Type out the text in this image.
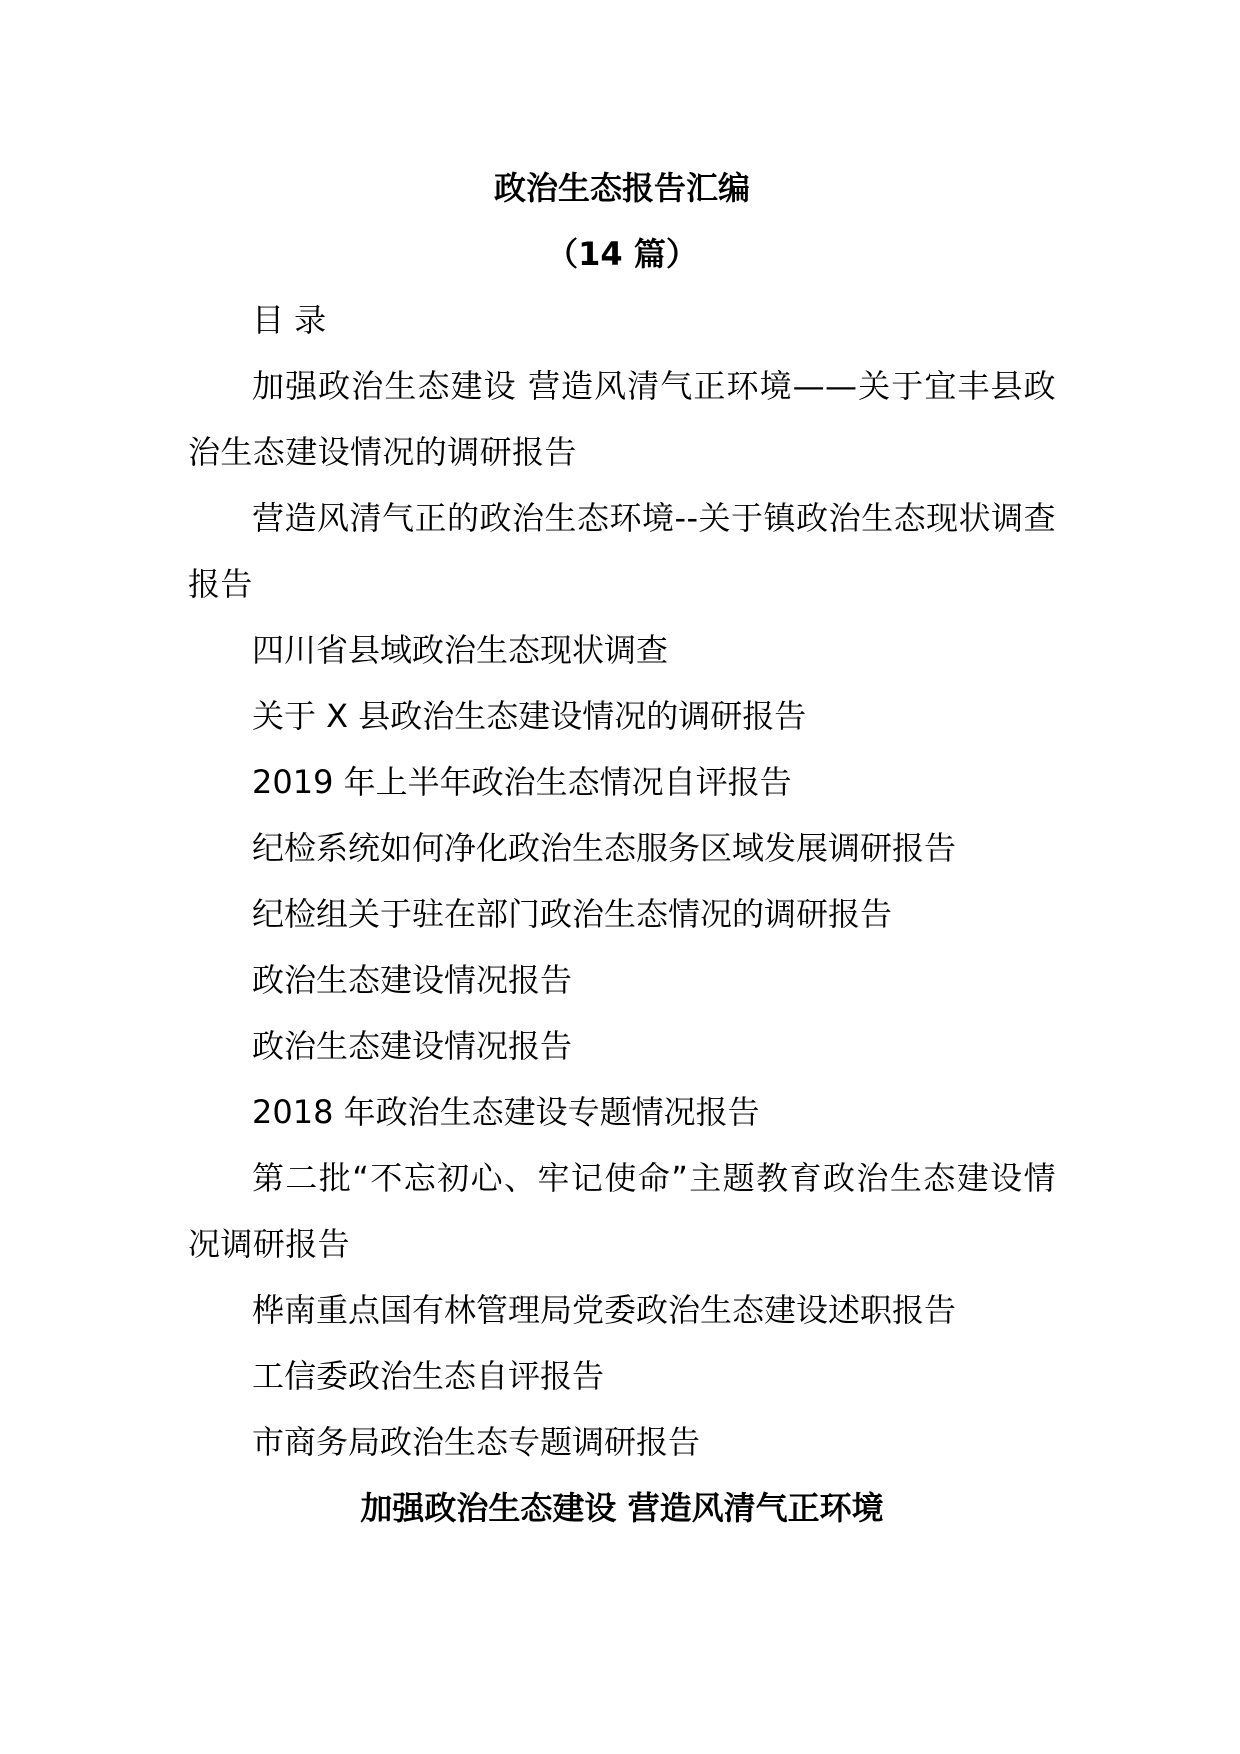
政治生态报告汇编

（14 篇）

目 录

加强政治生态建设 营造风清气正环境——关于宜丰县政治生态建设情况的调研报告

营造风清气正的政治生态环境--关于镇政治生态现状调查报告

四川省县域政治生态现状调查

关于 X 县政治生态建设情况的调研报告

2019 年上半年政治生态情况自评报告

纪检系统如何净化政治生态服务区域发展调研报告

纪检组关于驻在部门政治生态情况的调研报告

政治生态建设情况报告

政治生态建设情况报告

2018 年政治生态建设专题情况报告

第二批“不忘初心、牢记使命”主题教育政治生态建设情况调研报告

桦南重点国有林管理局党委政治生态建设述职报告

工信委政治生态自评报告

市商务局政治生态专题调研报告

加强政治生态建设 营造风清气正环境
